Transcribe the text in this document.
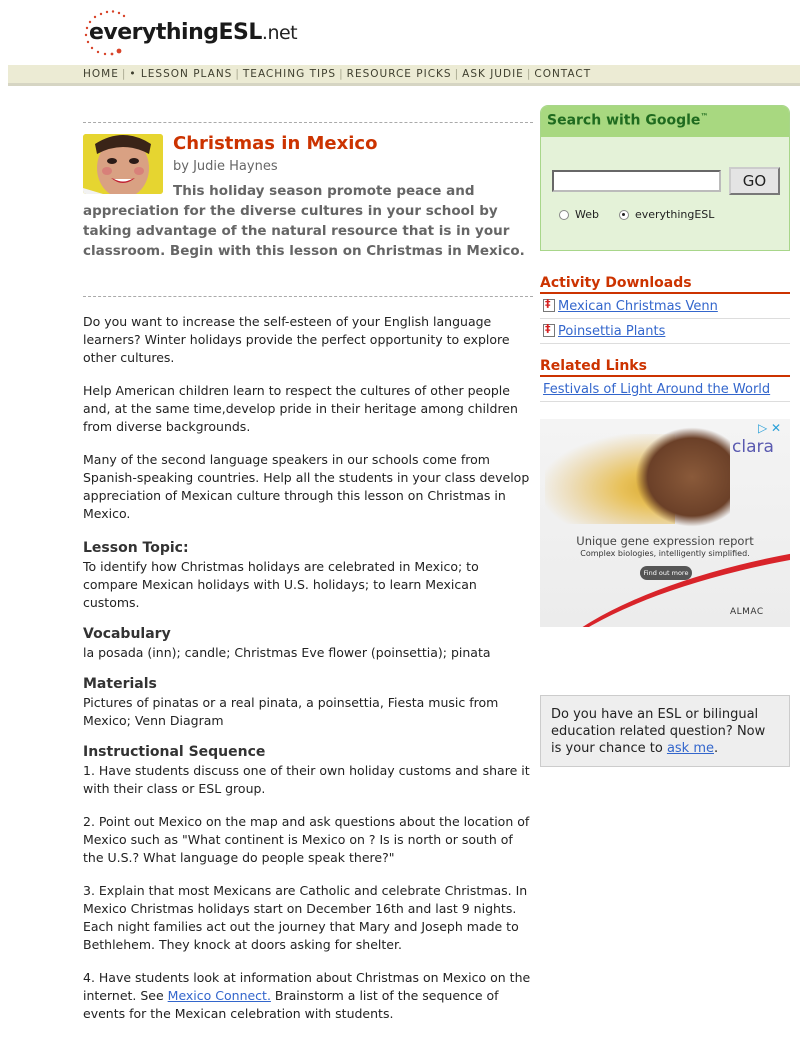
everythingESL.net
HOME | • LESSON PLANS | TEACHING TIPS | RESOURCE PICKS | ASK JUDIE | CONTACT
Christmas in Mexico
by Judie Haynes
This holiday season promote peace and appreciation for the diverse cultures in your school by taking advantage of the natural resource that is in your classroom. Begin with this lesson on Christmas in Mexico.

Do you want to increase the self-esteen of your English language learners? Winter holidays provide the perfect opportunity to explore other cultures.

Help American children learn to respect the cultures of other people and, at the same time,develop pride in their heritage among children from diverse backgrounds.

Many of the second language speakers in our schools come from Spanish-speaking countries. Help all the students in your class develop appreciation of Mexican culture through this lesson on Christmas in Mexico.

Lesson Topic:
To identify how Christmas holidays are celebrated in Mexico; to compare Mexican holidays with U.S. holidays; to learn Mexican customs.
Vocabulary
la posada (inn); candle; Christmas Eve flower (poinsettia); pinata
Materials
Pictures of pinatas or a real pinata, a poinsettia, Fiesta music from Mexico; Venn Diagram
Instructional Sequence

1. Have students discuss one of their own holiday customs and share it with their class or ESL group.

2. Point out Mexico on the map and ask questions about the location of Mexico such as "What continent is Mexico on ? Is is north or south of the U.S.? What language do people speak there?"

3. Explain that most Mexicans are Catholic and celebrate Christmas. In Mexico Christmas holidays start on December 16th and last 9 nights. Each night families act out the journey that Mary and Joseph made to Bethlehem. They knock at doors asking for shelter.

4. Have students look at information about Christmas on Mexico on the internet. See Mexico Connect. Brainstorm a list of the sequence of events for the Mexican celebration with students.

Search with Google™
GO
Web	everythingESL
Activity Downloads
‡Mexican Christmas Venn
‡Poinsettia Plants
Related Links
Festivals of Light Around the World
▷ ✕
clara
Unique gene expression report
Complex biologies, intelligently simplified.
Find out more
ALMAC
Do you have an ESL or bilingual education related question? Now is your chance to ask me.
